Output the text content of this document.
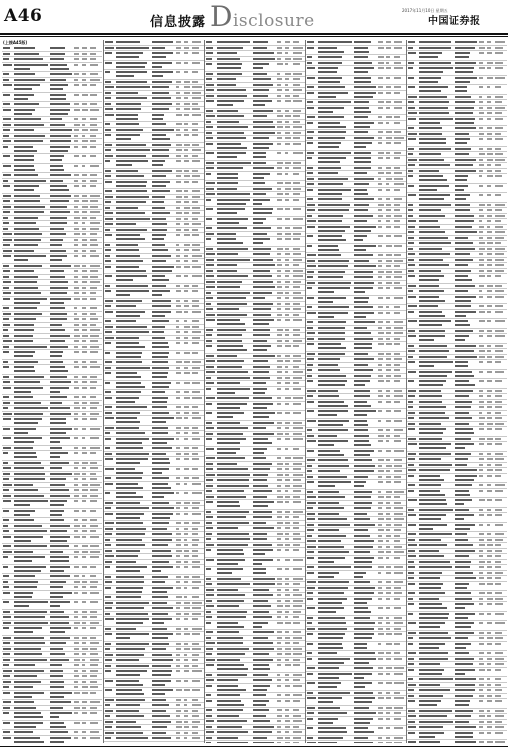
A46	信息披露 Disclosure
2017年11月10日 星期五
中国证券报
(上接A45版)
